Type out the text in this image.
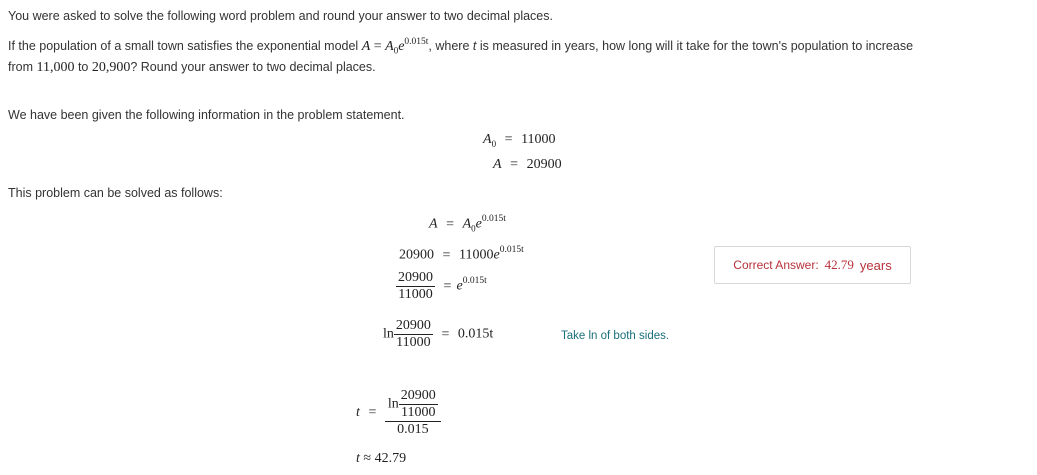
You were asked to solve the following word problem and round your answer to two decimal places.
If the population of a small town satisfies the exponential model $A = A_0e^{0.015t}$, where t is measured in years, how long will it take for the town's population to increase
from 11,000 to 20,900? Round your answer to two decimal places.
We have been given the following information in the problem statement.
$A_0 = 11000$
A = 20900
This problem can be solved as follows:
$A = A_0e^{0.015t}$
$20900 = 11000e^{0.015t}$
$\frac{20900}{11000} = e^{0.015t}$
$\ln \frac{20900}{11000} = 0.015t$	Take ln of both sides.
$t = \frac{\ln \frac{20900}{11000}}{0.015}$
t ≈ 42.79
Correct Answer: 42.79 years
